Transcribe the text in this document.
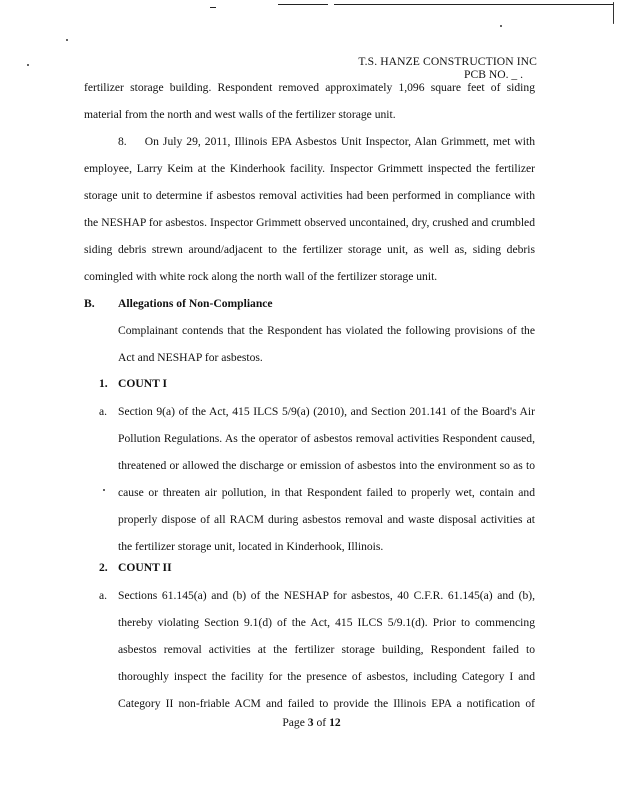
T.S. HANZE CONSTRUCTION INC
PCB NO. _ .
fertilizer storage building. Respondent removed approximately 1,096 square feet of siding
material from the north and west walls of the fertilizer storage unit.
8. On July 29, 2011, Illinois EPA Asbestos Unit Inspector, Alan Grimmett, met with
employee, Larry Keim at the Kinderhook facility. Inspector Grimmett inspected the fertilizer
storage unit to determine if asbestos removal activities had been performed in compliance with
the NESHAP for asbestos. Inspector Grimmett observed uncontained, dry, crushed and crumbled
siding debris strewn around/adjacent to the fertilizer storage unit, as well as, siding debris
comingled with white rock along the north wall of the fertilizer storage unit.
B. Allegations of Non-Compliance
Complainant contends that the Respondent has violated the following provisions of the
Act and NESHAP for asbestos.
1. COUNT I
a. Section 9(a) of the Act, 415 ILCS 5/9(a) (2010), and Section 201.141 of the Board's Air
Pollution Regulations. As the operator of asbestos removal activities Respondent caused,
threatened or allowed the discharge or emission of asbestos into the environment so as to
cause or threaten air pollution, in that Respondent failed to properly wet, contain and
properly dispose of all RACM during asbestos removal and waste disposal activities at
the fertilizer storage unit, located in Kinderhook, Illinois.
2. COUNT II
a. Sections 61.145(a) and (b) of the NESHAP for asbestos, 40 C.F.R. 61.145(a) and (b),
thereby violating Section 9.1(d) of the Act, 415 ILCS 5/9.1(d). Prior to commencing
asbestos removal activities at the fertilizer storage building, Respondent failed to
thoroughly inspect the facility for the presence of asbestos, including Category I and
Category II non-friable ACM and failed to provide the Illinois EPA a notification of
Page 3 of 12
